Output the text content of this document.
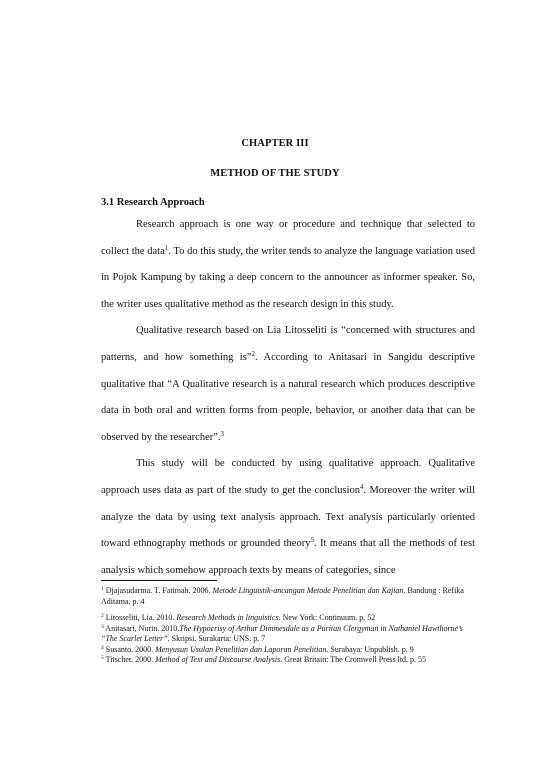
CHAPTER III
METHOD OF THE STUDY
3.1 Research Approach

Research approach is one way or procedure and technique that selected to collect the data$^1$. To do this study, the writer tends to analyze the language variation used in Pojok Kampung by taking a deep concern to the announcer as informer speaker. So, the writer uses qualitative method as the research design in this study.

Qualitative research based on Lia Litosseliti is “concerned with structures and patterns, and how something is”$^2$. According to Anitasari in Sangidu descriptive qualitative that “A Qualitative research is a natural research which produces descriptive data in both oral and written forms from people, behavior, or another data that can be observed by the researcher”.$^3$

This study will be conducted by using qualitative approach. Qualitative approach uses data as part of the study to get the conclusion$^4$. Moreover the writer will analyze the data by using text analysis approach. Text analysis particularly oriented toward ethnography methods or grounded theory$^5$. It means that all the methods of test analysis which somehow approach texts by means of categories, since

$^1$ Djajasudarma. T. Fatimah. 2006. Metode Linguistik-ancangan Metode Penelitian dan Kajian. Bandung : Refika Aditama. p. 4

$^2$ Litosseliti, Lia. 2010. Research Methods in linguistics. New York: Continuum. p. 52

$^3$ Anitasari, Nurin. 2010.The Hypocrisy of Arthur Dimmesdale as a Puritan Clergyman in Nathaniel Hawthorne’s “The Scarlet Letter”. Skripsi. Surakarta: UNS. p. 7

$^4$ Susanto. 2000. Menyusun Usulan Penelitian dan Laporan Penelitian. Surabaya: Unpublish. p. 9

$^5$ Titscher. 2000. Method of Text and Discourse Analysis. Great Britain: The Cromwell Press ltd. p. 55
